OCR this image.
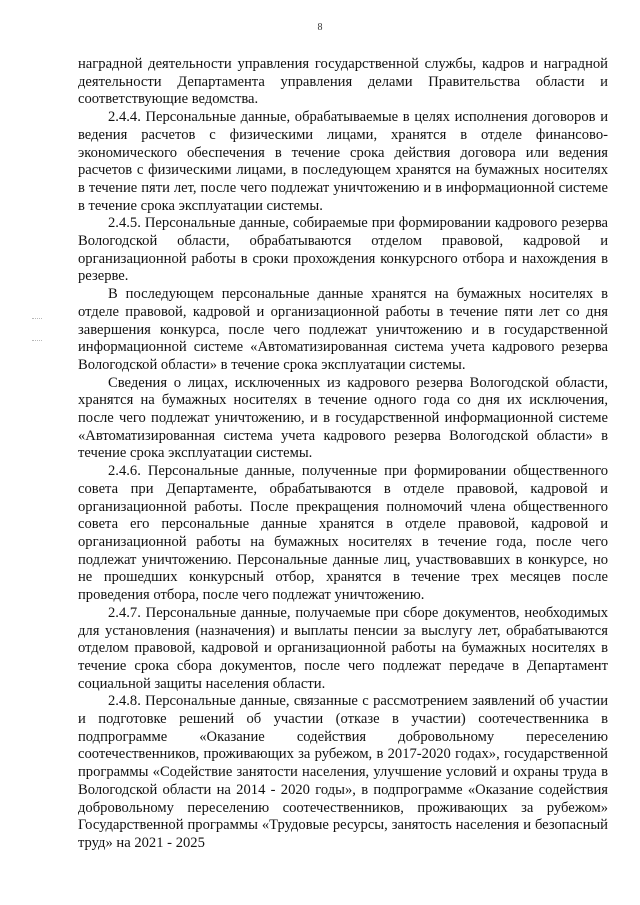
8

наградной деятельности управления государственной службы, кадров и наградной деятельности Департамента управления делами Правительства области и соответствующие ведомства.

2.4.4. Персональные данные, обрабатываемые в целях исполнения договоров и ведения расчетов с физическими лицами, хранятся в отделе финансово-экономического обеспечения в течение срока действия договора или ведения расчетов с физическими лицами, в последующем хранятся на бумажных носителях в течение пяти лет, после чего подлежат уничтожению и в информационной системе в течение срока эксплуатации системы.

2.4.5. Персональные данные, собираемые при формировании кадрового резерва Вологодской области, обрабатываются отделом правовой, кадровой и организационной работы в сроки прохождения конкурсного отбора и нахождения в резерве.

В последующем персональные данные хранятся на бумажных носителях в отделе правовой, кадровой и организационной работы в течение пяти лет со дня завершения конкурса, после чего подлежат уничтожению и в государственной информационной системе «Автоматизированная система учета кадрового резерва Вологодской области» в течение срока эксплуатации системы.

Сведения о лицах, исключенных из кадрового резерва Вологодской области, хранятся на бумажных носителях в течение одного года со дня их исключения, после чего подлежат уничтожению, и в государственной информационной системе «Автоматизированная система учета кадрового резерва Вологодской области» в течение срока эксплуатации системы.

2.4.6. Персональные данные, полученные при формировании общественного совета при Департаменте, обрабатываются в отделе правовой, кадровой и организационной работы. После прекращения полномочий члена общественного совета его персональные данные хранятся в отделе правовой, кадровой и организационной работы на бумажных носителях в течение года, после чего подлежат уничтожению. Персональные данные лиц, участвовавших в конкурсе, но не прошедших конкурсный отбор, хранятся в течение трех месяцев после проведения отбора, после чего подлежат уничтожению.

2.4.7. Персональные данные, получаемые при сборе документов, необходимых для установления (назначения) и выплаты пенсии за выслугу лет, обрабатываются отделом правовой, кадровой и организационной работы на бумажных носителях в течение срока сбора документов, после чего подлежат передаче в Департамент социальной защиты населения области.

2.4.8. Персональные данные, связанные с рассмотрением заявлений об участии и подготовке решений об участии (отказе в участии) соотечественника в подпрограмме «Оказание содействия добровольному переселению соотечественников, проживающих за рубежом, в 2017-2020 годах», государственной программы «Содействие занятости населения, улучшение условий и охраны труда в Вологодской области на 2014 - 2020 годы», в подпрограмме «Оказание содействия добровольному переселению соотечественников, проживающих за рубежом» Государственной программы «Трудовые ресурсы, занятость населения и безопасный труд» на 2021 - 2025
